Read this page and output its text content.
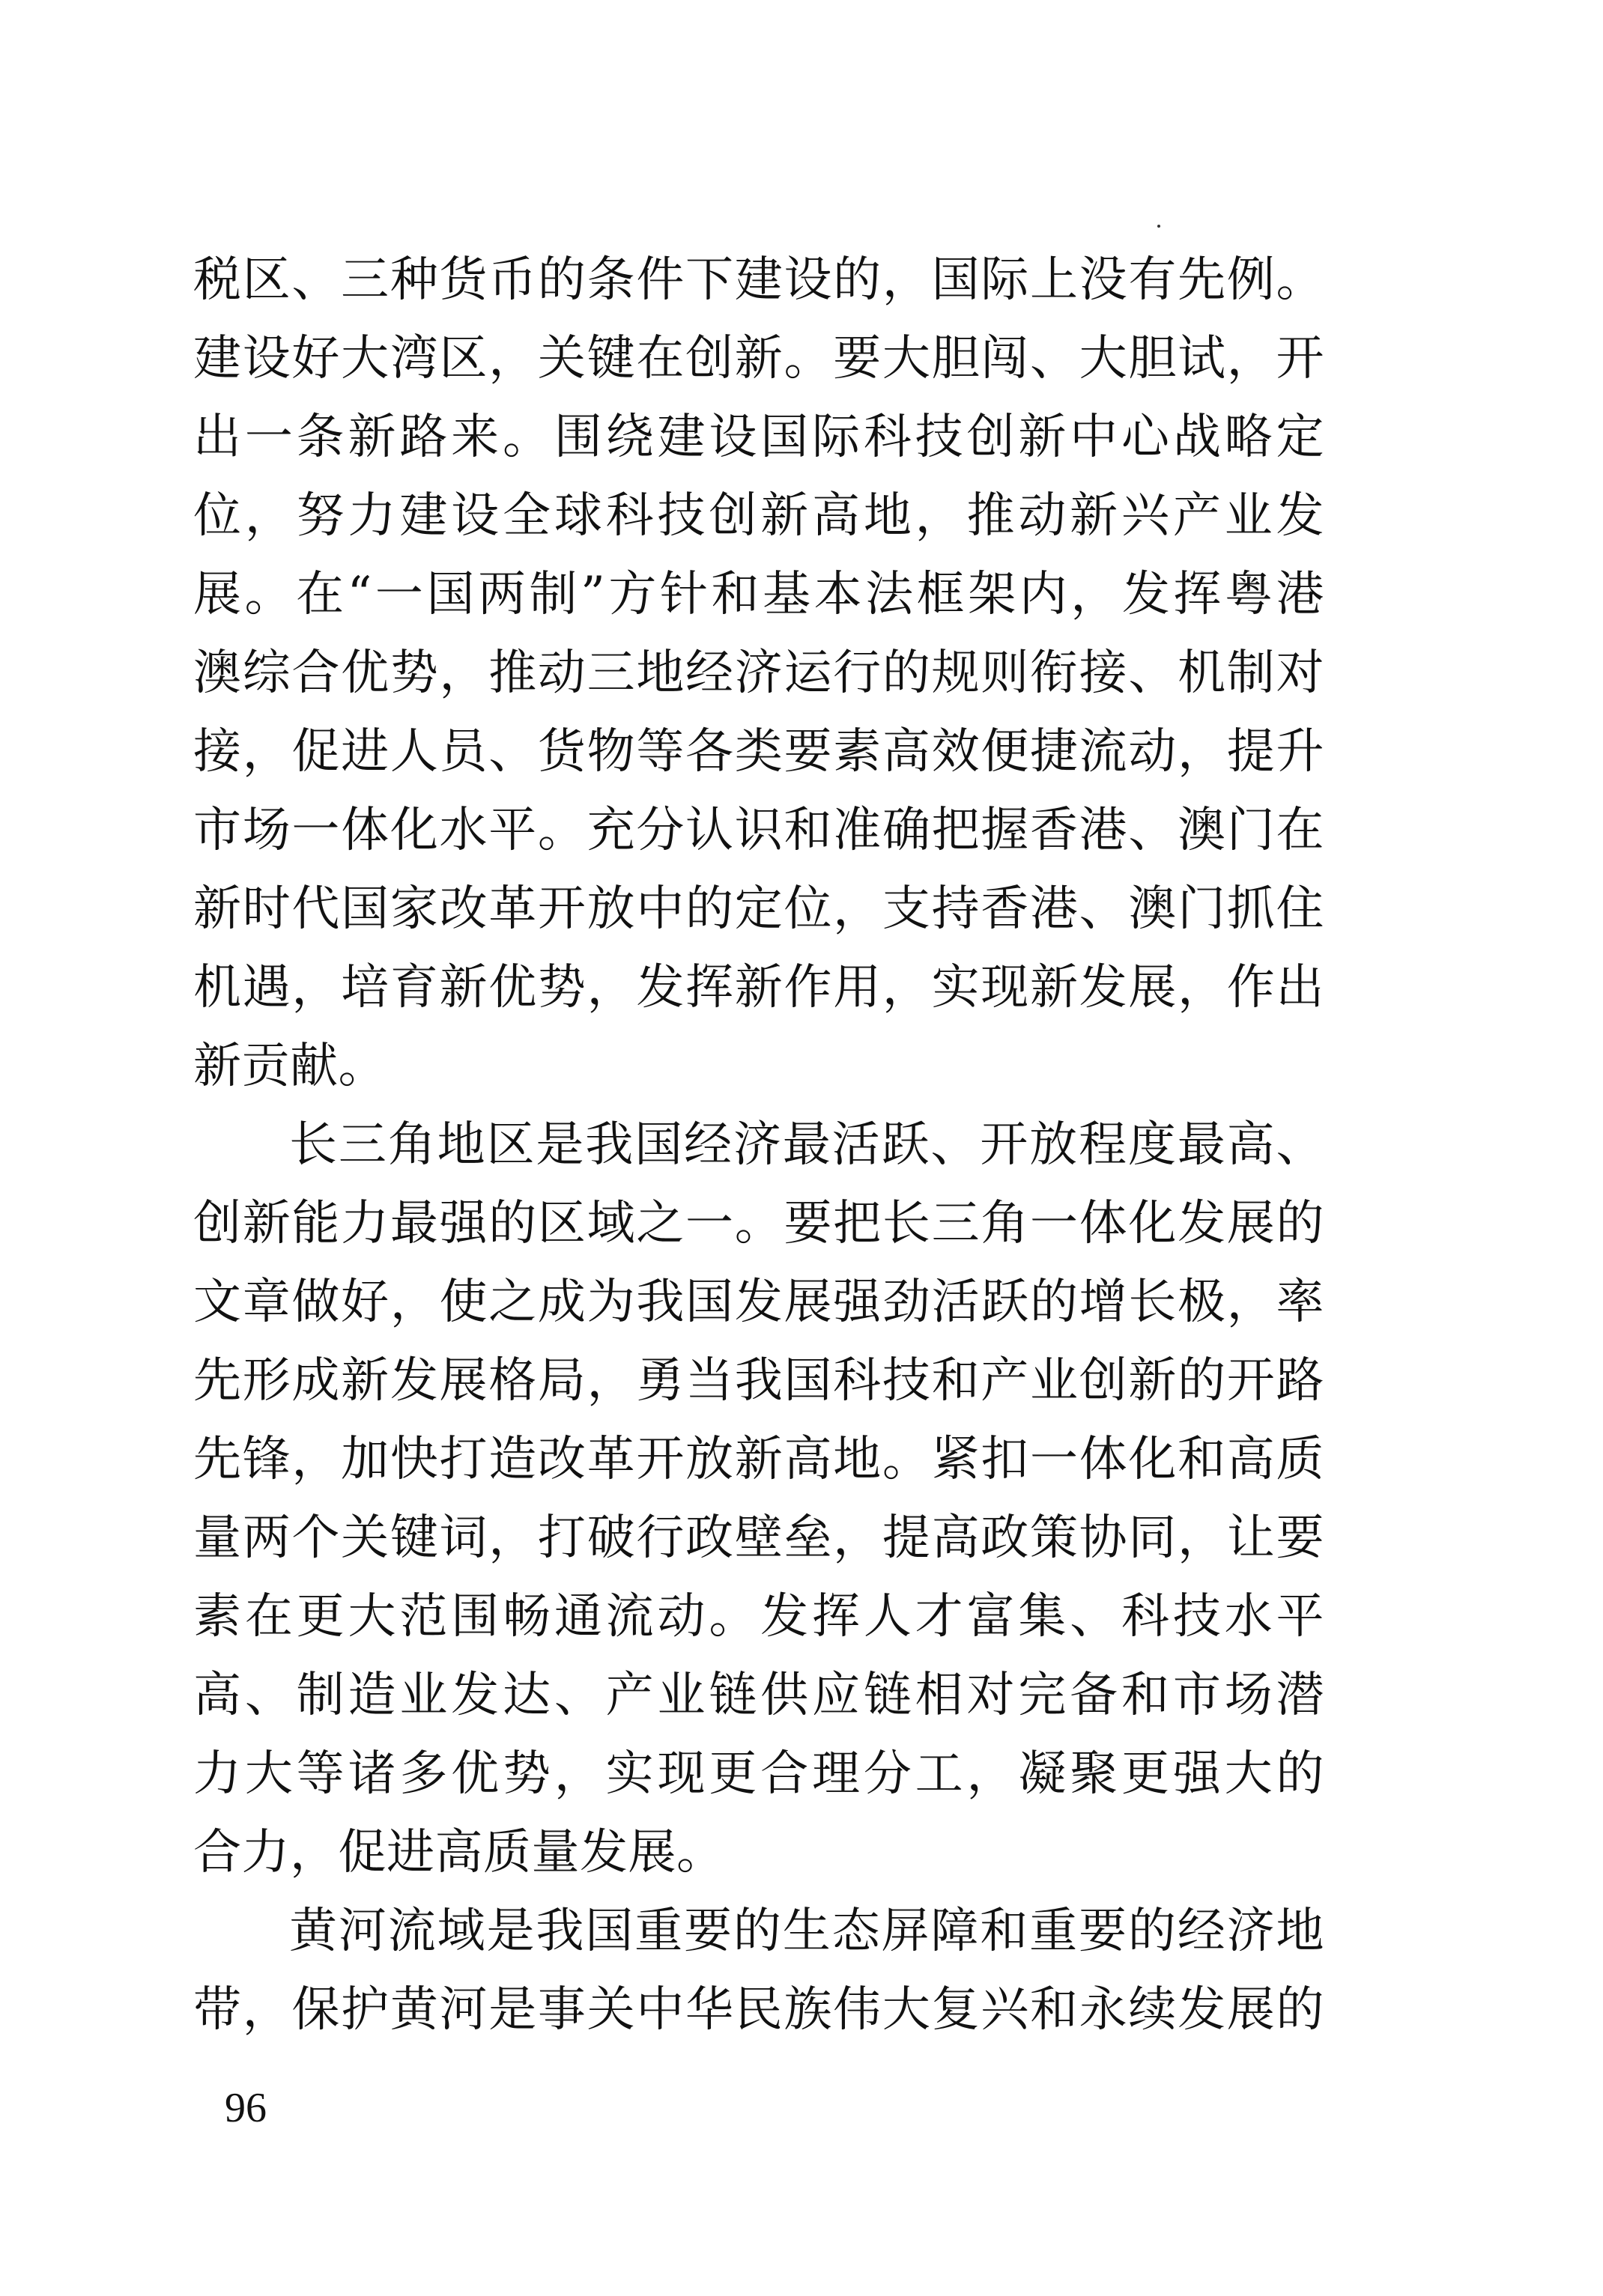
税区、三种货币的条件下建设的，国际上没有先例。
建设好大湾区，关键在创新。要大胆闯、大胆试，开
出一条新路来。围绕建设国际科技创新中心战略定
位，努力建设全球科技创新高地，推动新兴产业发
展。在“一国两制”方针和基本法框架内，发挥粤港
澳综合优势，推动三地经济运行的规则衔接、机制对
接，促进人员、货物等各类要素高效便捷流动，提升
市场一体化水平。充分认识和准确把握香港、澳门在
新时代国家改革开放中的定位，支持香港、澳门抓住
机遇，培育新优势，发挥新作用，实现新发展，作出
新贡献。
长三角地区是我国经济最活跃、开放程度最高、
创新能力最强的区域之一。要把长三角一体化发展的
文章做好，使之成为我国发展强劲活跃的增长极，率
先形成新发展格局，勇当我国科技和产业创新的开路
先锋，加快打造改革开放新高地。紧扣一体化和高质
量两个关键词，打破行政壁垒，提高政策协同，让要
素在更大范围畅通流动。发挥人才富集、科技水平
高、制造业发达、产业链供应链相对完备和市场潜
力大等诸多优势，实现更合理分工，凝聚更强大的
合力，促进高质量发展。
黄河流域是我国重要的生态屏障和重要的经济地
带，保护黄河是事关中华民族伟大复兴和永续发展的
96
